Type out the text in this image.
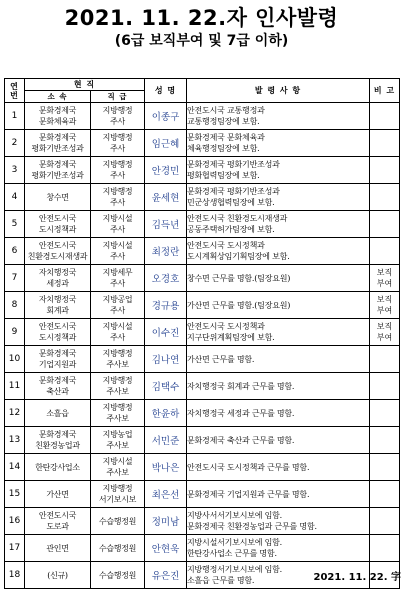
2021. 11. 22.자 인사발령
(6급 보직부여 및 7급 이하)
연 번	현 직		성 명	발 령 사 항	비 고
	소 속	직 급			
1	문화경제국
문화체육과	지방행정
주사	이종구	안전도시국 교통행정과
교통행정팀장에 보함.	

2	문화경제국
평화기반조성과	지방행정
주사	임근혜	문화경제국 문화체육과
체육행정팀장에 보함.	

3	문화경제국
평화기반조성과	지방행정
주사	안경민	문화경제국 평화기반조성과
평화협력팀장에 보함.	

4	창수면	지방행정
주사	윤세현	문화경제국 평화기반조성과
민군상생협력팀장에 보함.	

5	안전도시국
도시정책과	지방시설
주사	김득년	안전도시국 친환경도시재생과
공동주택허가팀장에 보함.	

6	안전도시국
친환경도시재생과	지방시설
주사	최정란	안전도시국 도시정책과
도시계획상임기획팀장에 보함.	

7	자치행정국
세정과	지방세무
주사	오경호	창수면 근무를 명함.(팀장요원)	보직
부여

8	자치행정국
회계과	지방공업
주사	경규용	가산면 근무를 명함.(팀장요원)	보직
부여

9	안전도시국
도시정책과	지방시설
주사	이수진	안전도시국 도시정책과
지구단위계획팀장에 보함.	보직
부여

10	문화경제국
기업지원과	지방행정
주사보	김나연	가산면 근무를 명함.	

11	문화경제국
축산과	지방행정
주사보	김택수	자치행정국 회계과 근무를 명함.	

12	소흘읍	지방행정
주사보	한윤하	자치행정국 세정과 근무를 명함.	

13	문화경제국
친환경농업과	지방농업
주사보	서민준	문화경제국 축산과 근무를 명함.	

14	한탄강사업소	지방시설
주사보	박나은	안전도시국 도시정책과 근무를 명함.	

15	가산면	지방행정
서기보시보	최은선	문화경제국 기업지원과 근무를 명함.	

16	안전도시국
도로과	수습행정원	정미남	지방사서서기보시보에 임함.
문화경제국 친환경농업과 근무를 명함.	

17	관인면	수습행정원	안현욱	지방시설서기보시보에 임함.
한탄강사업소 근무를 명함.	

18	(신규)	수습행정원	유은진	지방행정서기보시보에 임함.
소흘읍 근무를 명함.	
		2021. 11. 22. 字
